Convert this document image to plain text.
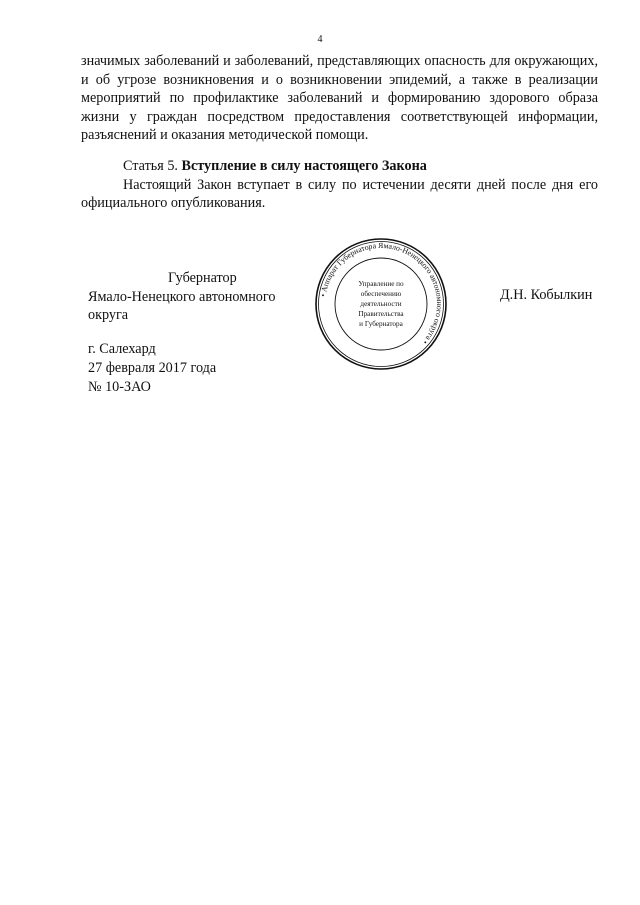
4

значимых заболеваний и заболеваний, представляющих опасность для окружающих, и об угрозе возникновения и о возникновении эпидемий, а также в реализации мероприятий по профилактике заболеваний и формированию здорового образа жизни у граждан посредством предоставления соответствующей информации, разъяснений и оказания методической помощи.

Статья 5. Вступление в силу настоящего Закона

Настоящий Закон вступает в силу по истечении десяти дней после дня его официального опубликования.

Губернатор
Ямало-Ненецкого автономного округа
• Аппарат Губернатора Ямало-Ненецкого автономного округа •
Управление по
обеспечению
деятельности
Правительства
и Губернатора
Д.Н. Кобылкин
г. Салехард
27 февраля 2017 года
№ 10-ЗАО
